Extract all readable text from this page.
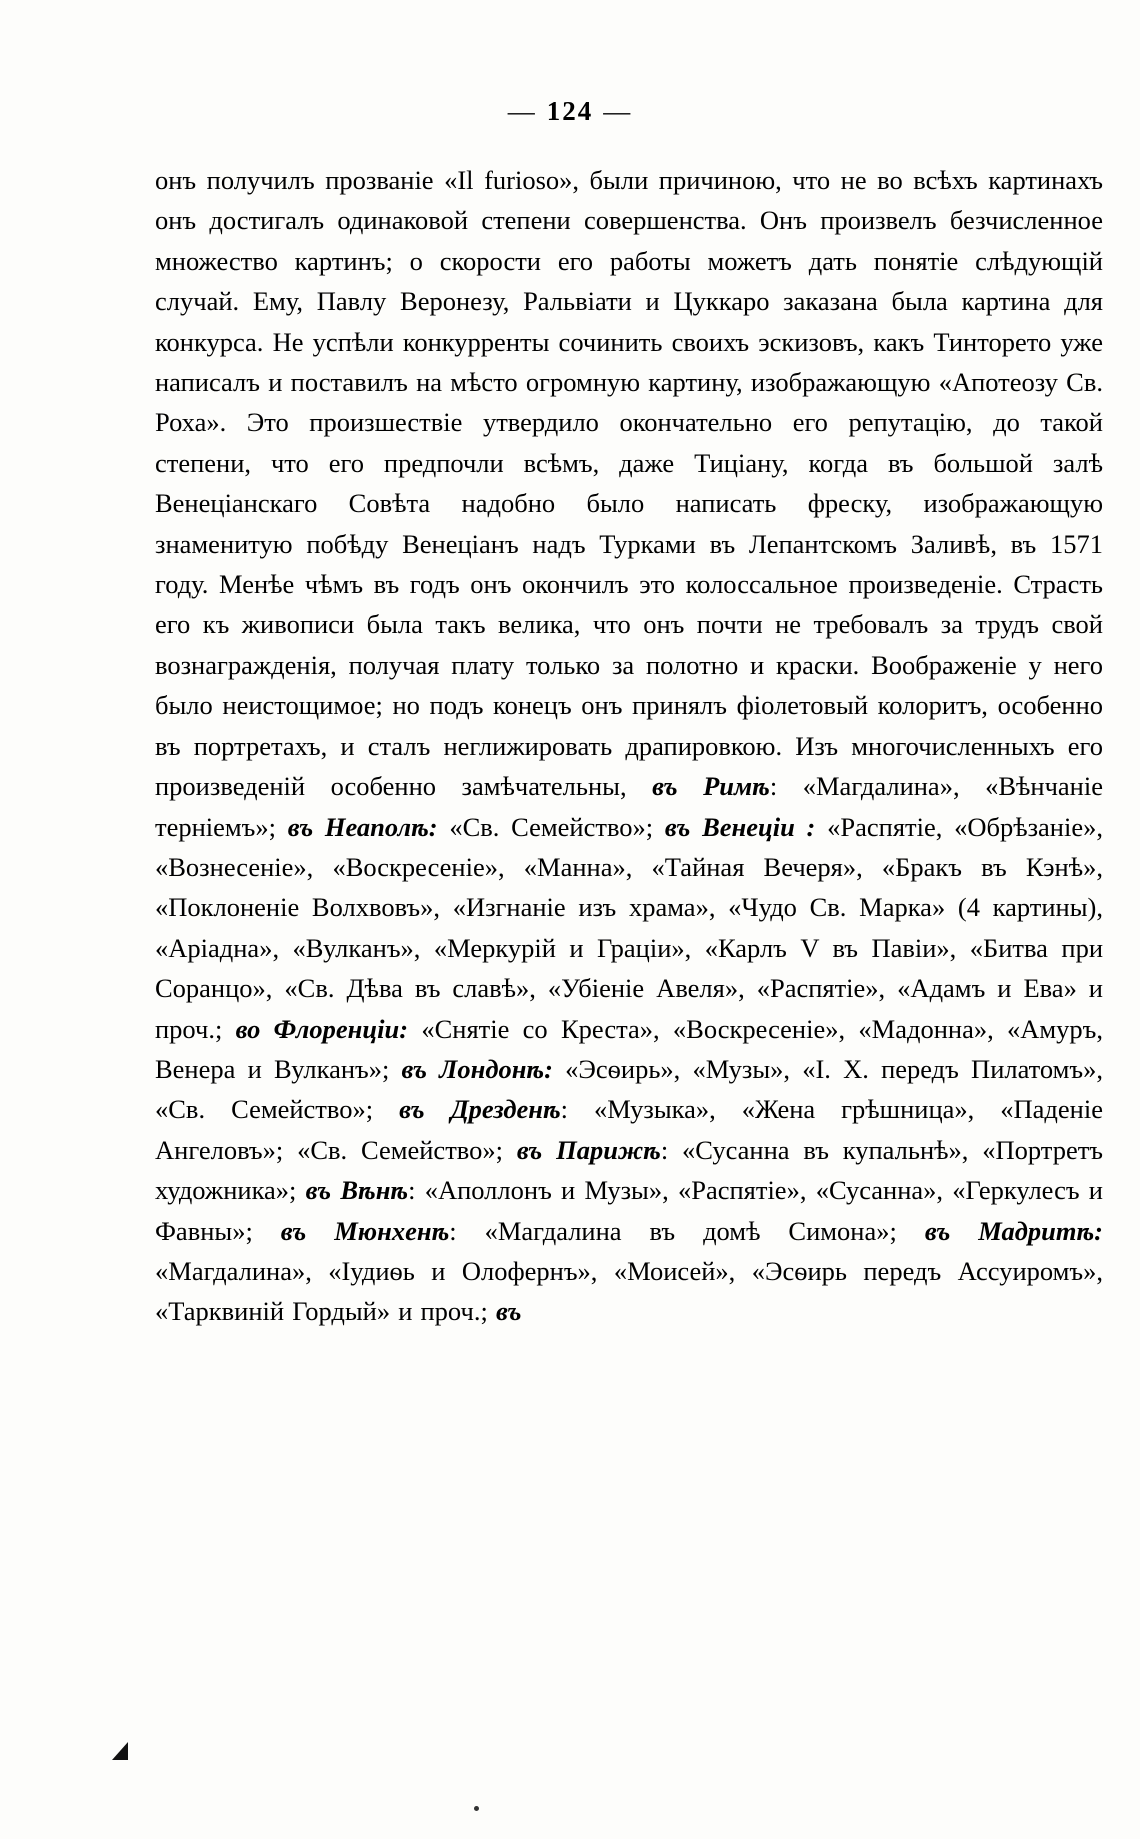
— 124 —

онъ получилъ прозваніе «Il furioso», были причиною, что не во всѣхъ картинахъ онъ достигалъ одинаковой степени совершенства. Онъ произвелъ безчисленное множество картинъ; о скорости его работы можетъ дать понятіе слѣдующій случай. Ему, Павлу Веронезу, Ральвіати и Цуккаро заказана была картина для конкурса. Не успѣли конкурренты сочинить своихъ эскизовъ, какъ Тинторето уже написалъ и поставилъ на мѣсто огромную картину, изображающую «Апотеозу Св. Роха». Это произшествіе утвердило окончательно его репутацію, до такой степени, что его предпочли всѣмъ, даже Тиціану, когда въ большой залѣ Венеціанскаго Совѣта надобно было написать фреску, изображающую знаменитую побѣду Венеціанъ надъ Турками въ Лепантскомъ Заливѣ, въ 1571 году. Менѣе чѣмъ въ годъ онъ окончилъ это колоссальное произведеніе. Страсть его къ живописи была такъ велика, что онъ почти не требовалъ за трудъ свой вознагражденія, получая плату только за полотно и краски. Воображеніе у него было неистощимое; но подъ конецъ онъ принялъ фіолетовый колоритъ, особенно въ портретахъ, и сталъ неглижировать драпировкою. Изъ многочисленныхъ его произведеній особенно замѣчательны, въ Римѣ: «Магдалина», «Вѣнчаніе терніемъ»; въ Неаполѣ: «Св. Семейство»; въ Венеціи : «Распятіе, «Обрѣзаніе», «Вознесеніе», «Воскресеніе», «Манна», «Тайная Вечеря», «Бракъ въ Кэнѣ», «Поклоненіе Волхвовъ», «Изгнаніе изъ храма», «Чудо Св. Марка» (4 картины), «Аріадна», «Вулканъ», «Меркурій и Граціи», «Карлъ V въ Павіи», «Битва при Соранцо», «Св. Дѣва въ славѣ», «Убіеніе Авеля», «Распятіе», «Адамъ и Ева» и проч.; во Флоренціи: «Снятіе со Креста», «Воскресеніе», «Мадонна», «Амуръ, Венера и Вулканъ»; въ Лондонѣ: «Эсѳирь», «Музы», «I. X. передъ Пилатомъ», «Св. Семейство»; въ Дрезденѣ: «Музыка», «Жена грѣшница», «Паденіе Ангеловъ»; «Св. Семейство»; въ Парижѣ: «Сусанна въ купальнѣ», «Портретъ художника»; въ Вѣнѣ: «Аполлонъ и Музы», «Распятіе», «Сусанна», «Геркулесъ и Фавны»; въ Мюнхенѣ: «Магдалина въ домѣ Симона»; въ Мадритѣ: «Магдалина», «Іудиѳь и Олофернъ», «Моисей», «Эсѳирь передъ Ассуиромъ», «Тарквиній Гордый» и проч.; въ
